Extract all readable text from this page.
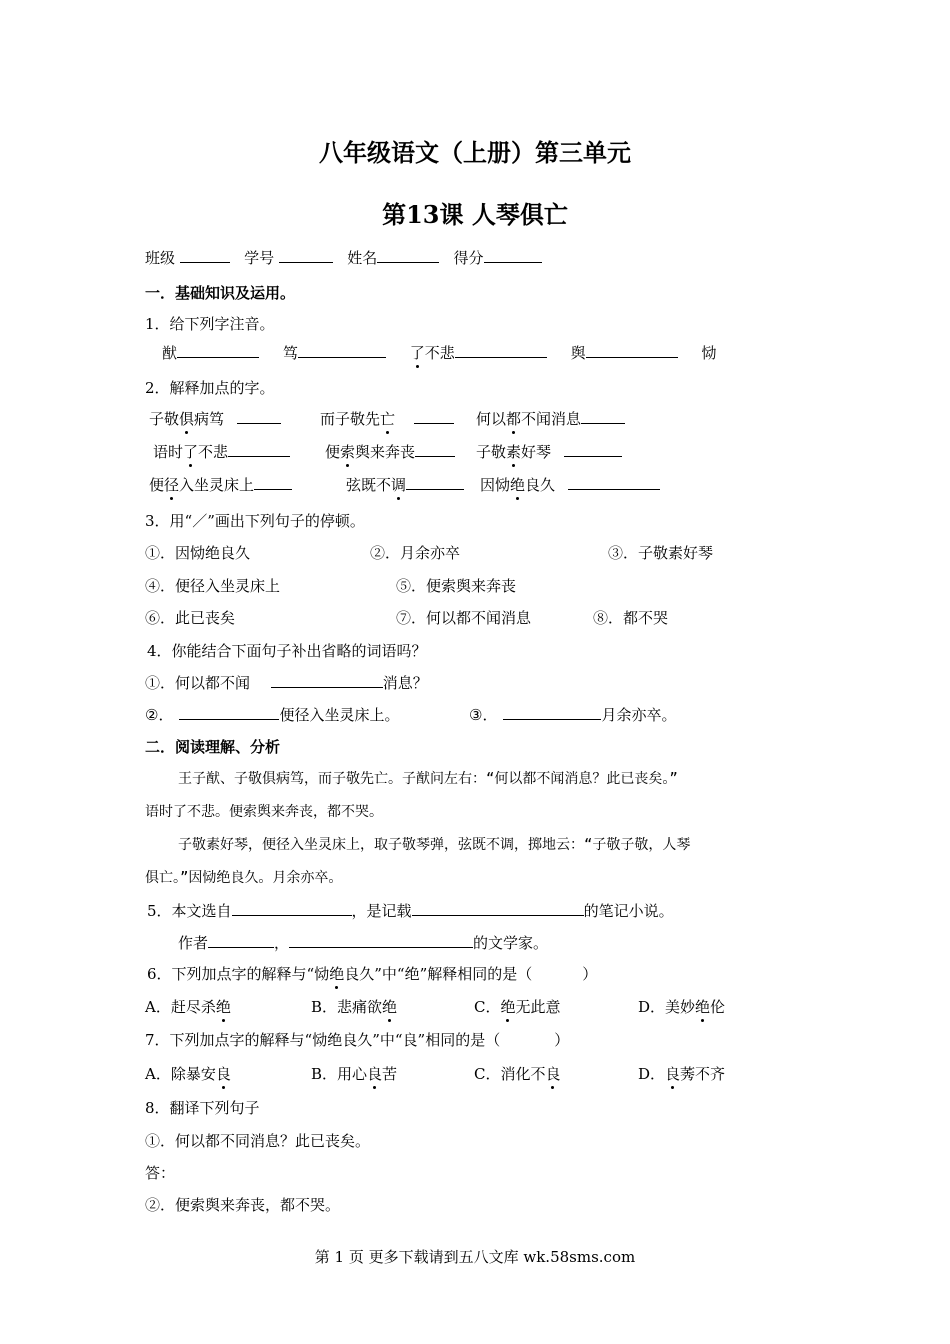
八年级语文（上册）第三单元
第13课 人琴俱亡
班级	学号	姓名	得分
一．基础知识及运用。
1．给下列字注音。
猷	笃	了不悲	舆	恸
2．解释加点的字。
子敬俱病笃	而子敬先亡	何以都不闻消息
语时了不悲	便索舆来奔丧	子敬素好琴
便径入坐灵床上	弦既不调	因恸绝良久
3．用“／”画出下列句子的停顿。
①．因恸绝良久	②．月余亦卒	③．子敬素好琴
④．便径入坐灵床上	⑤．便索舆来奔丧
⑥．此已丧矣	⑦．何以都不闻消息	⑧．都不哭
4．你能结合下面句子补出省略的词语吗？
①．何以都不闻	消息？
②．	便径入坐灵床上。	③．	月余亦卒。
二．阅读理解、分析
王子猷、子敬俱病笃，而子敬先亡。子猷问左右：“何以都不闻消息？此已丧矣。”
语时了不悲。便索舆来奔丧，都不哭。
子敬素好琴，便径入坐灵床上，取子敬琴弹，弦既不调，掷地云：“子敬子敬，人琴
俱亡。”因恸绝良久。月余亦卒。
5．本文选自	，是记载	的笔记小说。
作者	，	的文学家。
6．下列加点字的解释与“恸绝良久”中“绝”解释相同的是（	）
A．赶尽杀绝	B．悲痛欲绝	C．绝无此意	D．美妙绝伦
7．下列加点字的解释与“恸绝良久”中“良”相同的是（	）
A．除暴安良	B．用心良苦	C．消化不良	D．良莠不齐
8．翻译下列句子
①．何以都不同消息？此已丧矣。
答：
②．便索舆来奔丧，都不哭。
第 1 页 更多下载请到五八文库 wk.58sms.com
